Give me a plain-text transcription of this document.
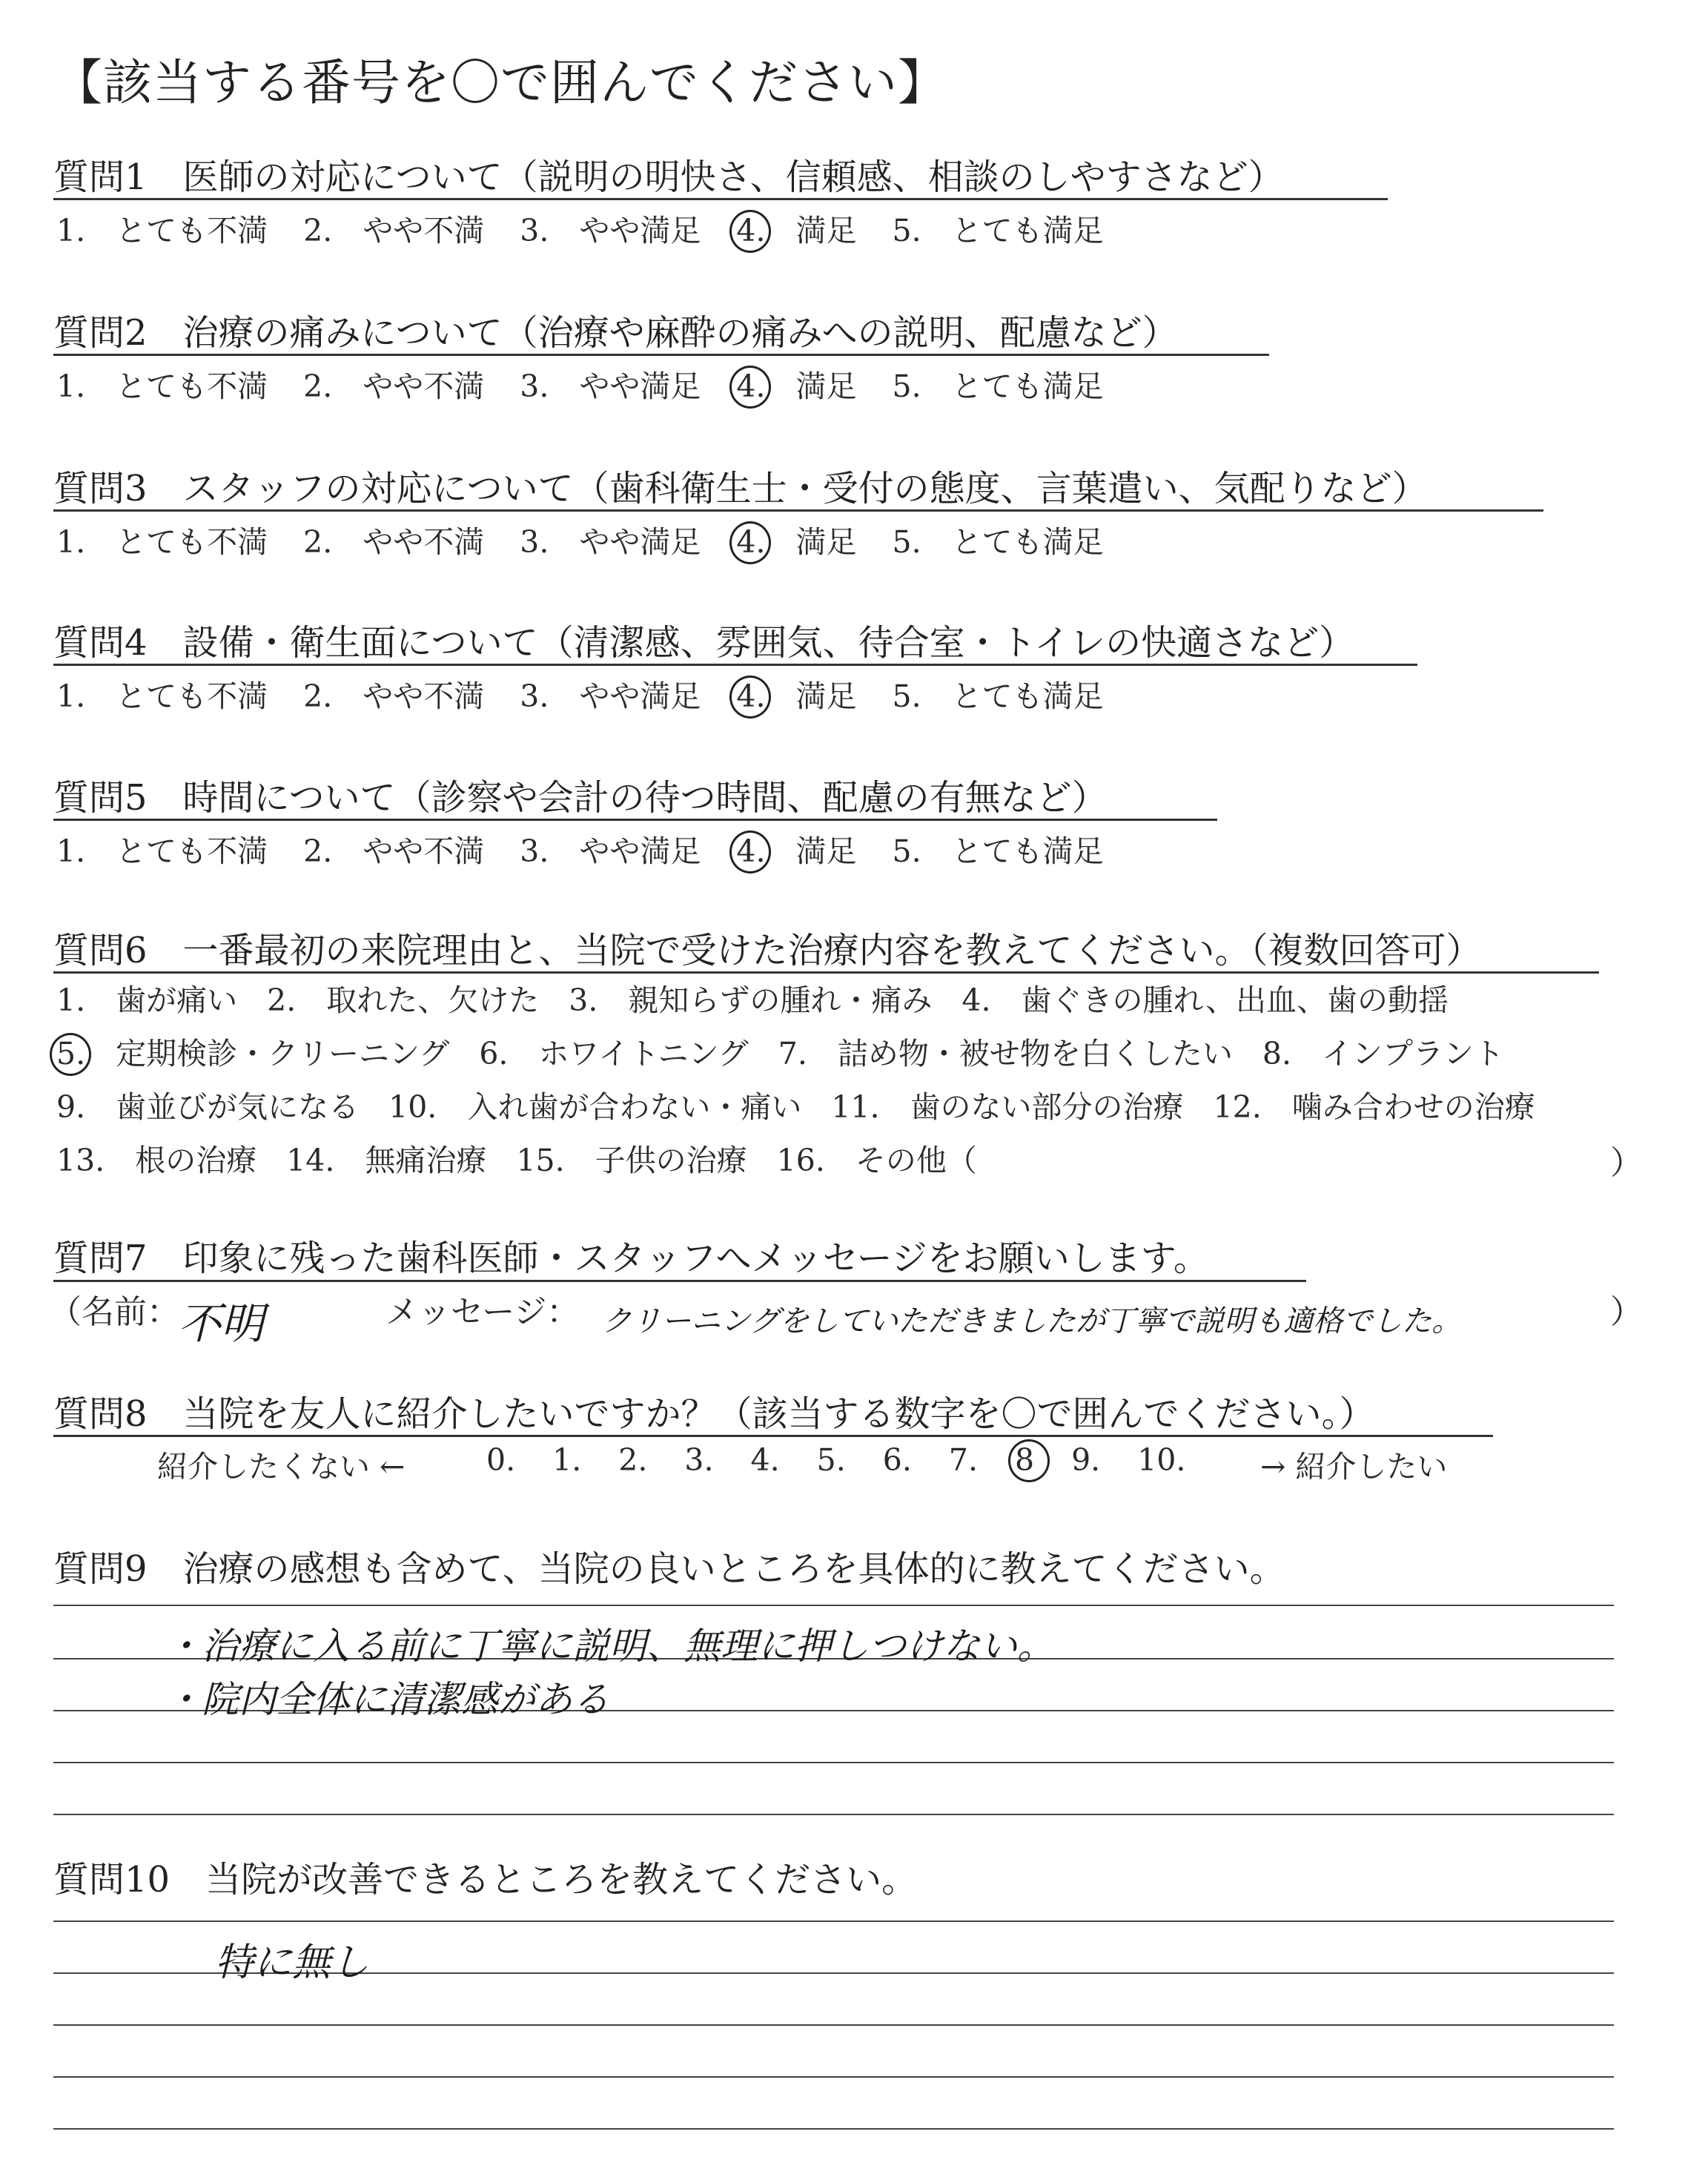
【該当する番号を〇で囲んでください】
質問1　医師の対応について（説明の明快さ、信頼感、相談のしやすさなど）
1.　 とても不満 2.　 やや不満 3.　 やや満足 4.　 満足 5.　 とても満足
質問2　治療の痛みについて（治療や麻酔の痛みへの説明、配慮など）
1.　 とても不満 2.　 やや不満 3.　 やや満足 4.　 満足 5.　 とても満足
質問3　スタッフの対応について（歯科衛生士・受付の態度、言葉遣い、気配りなど）
1.　 とても不満 2.　 やや不満 3.　 やや満足 4.　 満足 5.　 とても満足
質問4　設備・衛生面について（清潔感、雰囲気、待合室・トイレの快適さなど）
1.　 とても不満 2.　 やや不満 3.　 やや満足 4.　 満足 5.　 とても満足
質問5　時間について（診察や会計の待つ時間、配慮の有無など）
1.　 とても不満 2.　 やや不満 3.　 やや満足 4.　 満足 5.　 とても満足
質問6　一番最初の来院理由と、当院で受けた治療内容を教えてください。（複数回答可）
1.　 歯が痛い 2.　 取れた、欠けた 3.　 親知らずの腫れ・痛み 4.　 歯ぐきの腫れ、出血、歯の動揺
5.　 定期検診・クリーニング 6.　 ホワイトニング 7.　 詰め物・被せ物を白くしたい 8.　 インプラント
9.　 歯並びが気になる 10.　 入れ歯が合わない・痛い 11.　 歯のない部分の治療 12.　 噛み合わせの治療
13.　 根の治療 14.　 無痛治療 15.　 子供の治療 16.　 その他（	）
質問7　印象に残った歯科医師・スタッフへメッセージをお願いします。
（名前：
不明	メッセージ： クリーニングをしていただきましたが丁寧で説明も適格でした。	）
質問8　当院を友人に紹介したいですか？（該当する数字を〇で囲んでください。）
紹介したくない ←	0. 1. 2. 3. 4. 5. 6. 7. 8 9. 10.	→ 紹介したい
質問9　治療の感想も含めて、当院の良いところを具体的に教えてください。
・治療に入る前に丁寧に説明、無理に押しつけない。
・院内全体に清潔感がある
質問10　当院が改善できるところを教えてください。
特に無し
